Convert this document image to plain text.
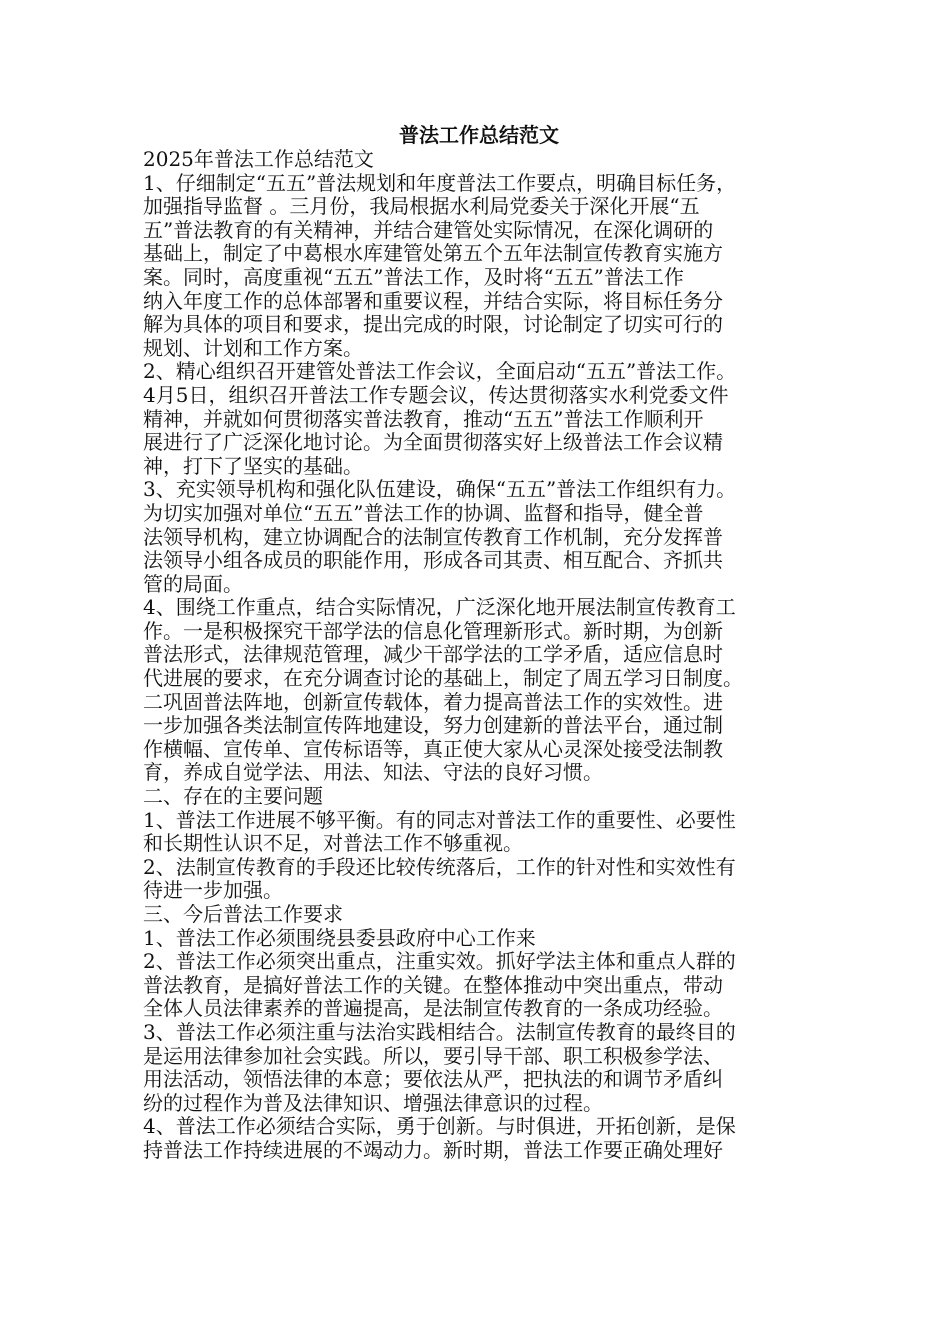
普法工作总结范文

2025年普法工作总结范文

1、仔细制定“五五”普法规划和年度普法工作要点，明确目标任务，
加强指导监督 。三月份，我局根据水利局党委关于深化开展“五
五”普法教育的有关精神，并结合建管处实际情况，在深化调研的
基础上，制定了中葛根水库建管处第五个五年法制宣传教育实施方
案。同时，高度重视“五五”普法工作，及时将“五五”普法工作
纳入年度工作的总体部署和重要议程，并结合实际，将目标任务分
解为具体的项目和要求，提出完成的时限，讨论制定了切实可行的
规划、计划和工作方案。

2、精心组织召开建管处普法工作会议，全面启动“五五”普法工作。
4月5日，组织召开普法工作专题会议，传达贯彻落实水利党委文件
精神，并就如何贯彻落实普法教育，推动“五五”普法工作顺利开
展进行了广泛深化地讨论。为全面贯彻落实好上级普法工作会议精
神，打下了坚实的基础。

3、充实领导机构和强化队伍建设，确保“五五”普法工作组织有力。
为切实加强对单位“五五”普法工作的协调、监督和指导，健全普
法领导机构，建立协调配合的法制宣传教育工作机制，充分发挥普
法领导小组各成员的职能作用，形成各司其责、相互配合、齐抓共
管的局面。

4、围绕工作重点，结合实际情况，广泛深化地开展法制宣传教育工
作。一是积极探究干部学法的信息化管理新形式。新时期，为创新
普法形式，法律规范管理，减少干部学法的工学矛盾，适应信息时
代进展的要求，在充分调查讨论的基础上，制定了周五学习日制度。
二巩固普法阵地，创新宣传载体，着力提高普法工作的实效性。进
一步加强各类法制宣传阵地建设，努力创建新的普法平台，通过制
作横幅、宣传单、宣传标语等，真正使大家从心灵深处接受法制教
育，养成自觉学法、用法、知法、守法的良好习惯。

二、存在的主要问题

1、普法工作进展不够平衡。有的同志对普法工作的重要性、必要性
和长期性认识不足，对普法工作不够重视。

2、法制宣传教育的手段还比较传统落后，工作的针对性和实效性有
待进一步加强。

三、今后普法工作要求

1、普法工作必须围绕县委县政府中心工作来

2、普法工作必须突出重点，注重实效。抓好学法主体和重点人群的
普法教育，是搞好普法工作的关键。在整体推动中突出重点，带动
全体人员法律素养的普遍提高，是法制宣传教育的一条成功经验。

3、普法工作必须注重与法治实践相结合。法制宣传教育的最终目的
是运用法律参加社会实践。所以，要引导干部、职工积极参学法、
用法活动，领悟法律的本意；要依法从严，把执法的和调节矛盾纠
纷的过程作为普及法律知识、增强法律意识的过程。

4、普法工作必须结合实际，勇于创新。与时俱进，开拓创新，是保
持普法工作持续进展的不竭动力。新时期，普法工作要正确处理好
